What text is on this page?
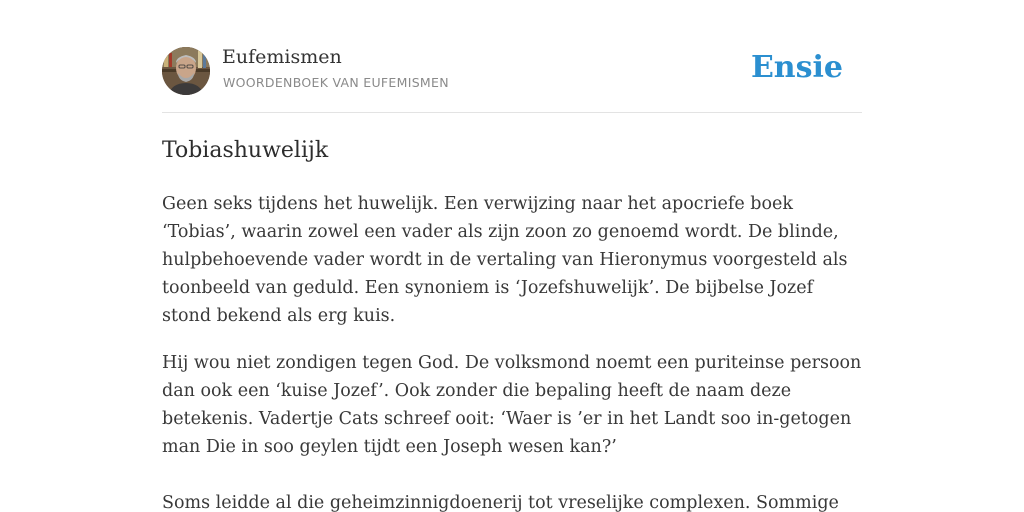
Eufemismen
WOORDENBOEK VAN EUFEMISMEN	Ensie
Tobiashuwelijk

Geen seks tijdens het huwelijk. Een verwijzing naar het apocriefe boek ‘Tobias’, waarin zowel een vader als zijn zoon zo genoemd wordt. De blinde, hulpbehoevende vader wordt in de vertaling van Hieronymus voorgesteld als toonbeeld van geduld. Een synoniem is ‘Jozefshuwelijk’. De bijbelse Jozef stond bekend als erg kuis.

Hij wou niet zondigen tegen God. De volksmond noemt een puriteinse persoon dan ook een ‘kuise Jozef’. Ook zonder die bepaling heeft de naam deze betekenis. Vadertje Cats schreef ooit: ‘Waer is ’er in het Landt soo in-getogen man Die in soo geylen tijdt een Joseph wesen kan?’

Soms leidde al die geheimzinnigdoenerij tot vreselijke complexen. Sommige
